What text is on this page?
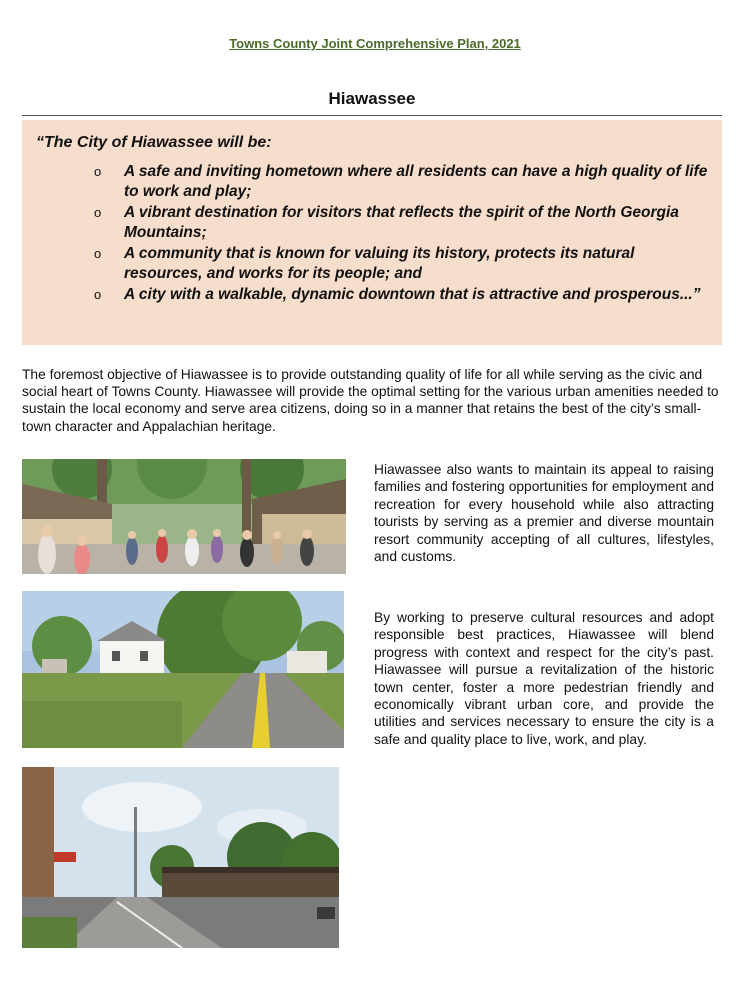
Towns County Joint Comprehensive Plan, 2021
Hiawassee
“The City of Hiawassee will be:
o A safe and inviting hometown where all residents can have a high quality of life to work and play;
o A vibrant destination for visitors that reflects the spirit of the North Georgia Mountains;
o A community that is known for valuing its history, protects its natural resources, and works for its people; and
o A city with a walkable, dynamic downtown that is attractive and prosperous...”
The foremost objective of Hiawassee is to provide outstanding quality of life for all while serving as the civic and social heart of Towns County. Hiawassee will provide the optimal setting for the various urban amenities needed to sustain the local economy and serve area citizens, doing so in a manner that retains the best of the city’s small-town character and Appalachian heritage.
Hiawassee also wants to maintain its appeal to raising families and fostering opportunities for employment and recreation for every household while also attracting tourists by serving as a premier and diverse mountain resort community accepting of all cultures, lifestyles, and customs.
By working to preserve cultural resources and adopt responsible best practices, Hiawassee will blend progress with context and respect for the city’s past. Hiawassee will pursue a revitalization of the historic town center, foster a more pedestrian friendly and economically vibrant urban core, and provide the utilities and services necessary to ensure the city is a safe and quality place to live, work, and play.
